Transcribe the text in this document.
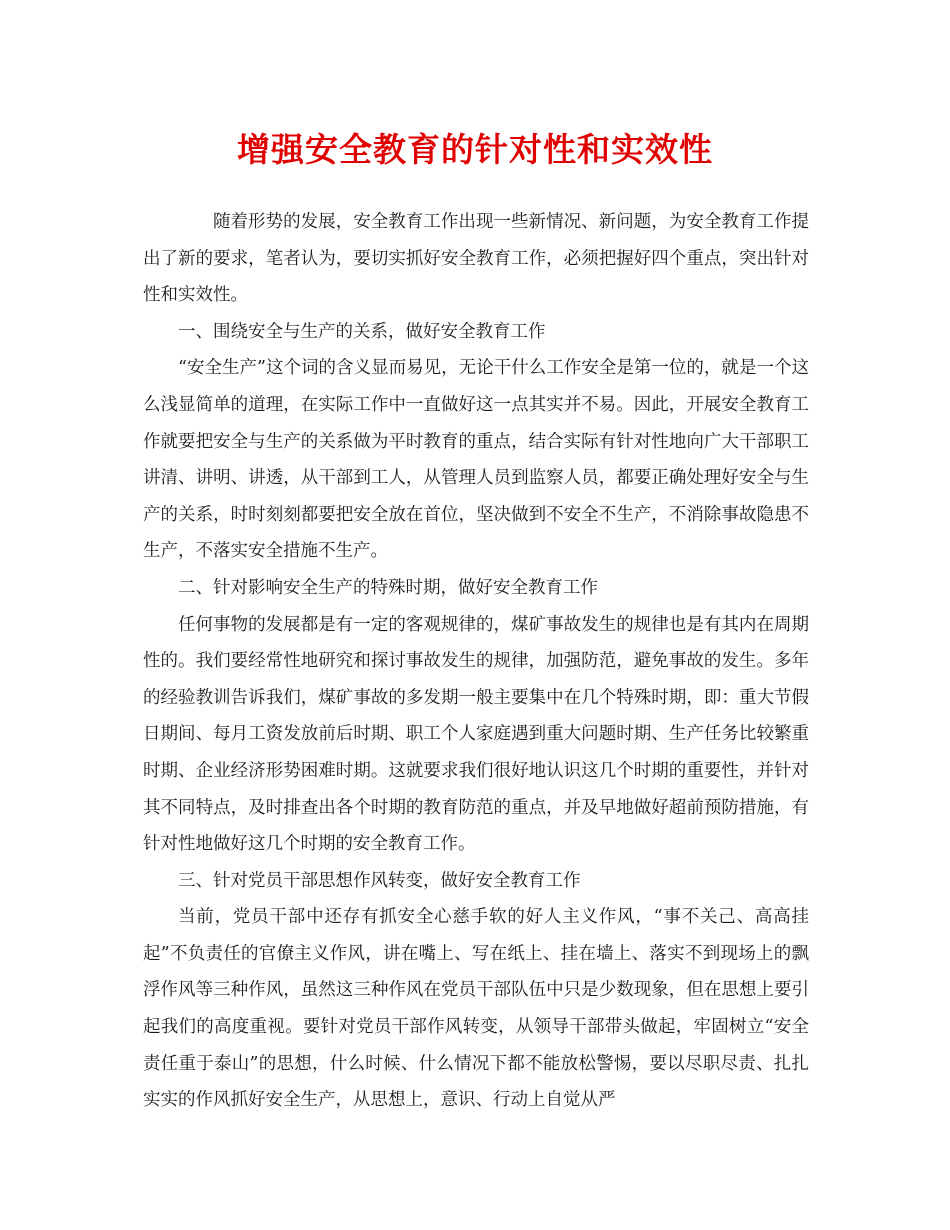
增强安全教育的针对性和实效性

随着形势的发展，安全教育工作出现一些新情况、新问题，为安全教育工作提出了新的要求，笔者认为，要切实抓好安全教育工作，必须把握好四个重点，突出针对性和实效性。

一、围绕安全与生产的关系，做好安全教育工作

“安全生产”这个词的含义显而易见，无论干什么工作安全是第一位的，就是一个这么浅显简单的道理，在实际工作中一直做好这一点其实并不易。因此，开展安全教育工作就要把安全与生产的关系做为平时教育的重点，结合实际有针对性地向广大干部职工讲清、讲明、讲透，从干部到工人，从管理人员到监察人员，都要正确处理好安全与生产的关系，时时刻刻都要把安全放在首位，坚决做到不安全不生产，不消除事故隐患不生产，不落实安全措施不生产。

二、针对影响安全生产的特殊时期，做好安全教育工作

任何事物的发展都是有一定的客观规律的，煤矿事故发生的规律也是有其内在周期性的。我们要经常性地研究和探讨事故发生的规律，加强防范，避免事故的发生。多年的经验教训告诉我们，煤矿事故的多发期一般主要集中在几个特殊时期，即：重大节假日期间、每月工资发放前后时期、职工个人家庭遇到重大问题时期、生产任务比较繁重时期、企业经济形势困难时期。这就要求我们很好地认识这几个时期的重要性，并针对其不同特点，及时排查出各个时期的教育防范的重点，并及早地做好超前预防措施，有针对性地做好这几个时期的安全教育工作。

三、针对党员干部思想作风转变，做好安全教育工作

当前，党员干部中还存有抓安全心慈手软的好人主义作风，“事不关己、高高挂起”不负责任的官僚主义作风，讲在嘴上、写在纸上、挂在墙上、落实不到现场上的飘浮作风等三种作风，虽然这三种作风在党员干部队伍中只是少数现象，但在思想上要引起我们的高度重视。要针对党员干部作风转变，从领导干部带头做起，牢固树立“安全责任重于泰山”的思想，什么时候、什么情况下都不能放松警惕，要以尽职尽责、扎扎实实的作风抓好安全生产，从思想上，意识、行动上自觉从严
